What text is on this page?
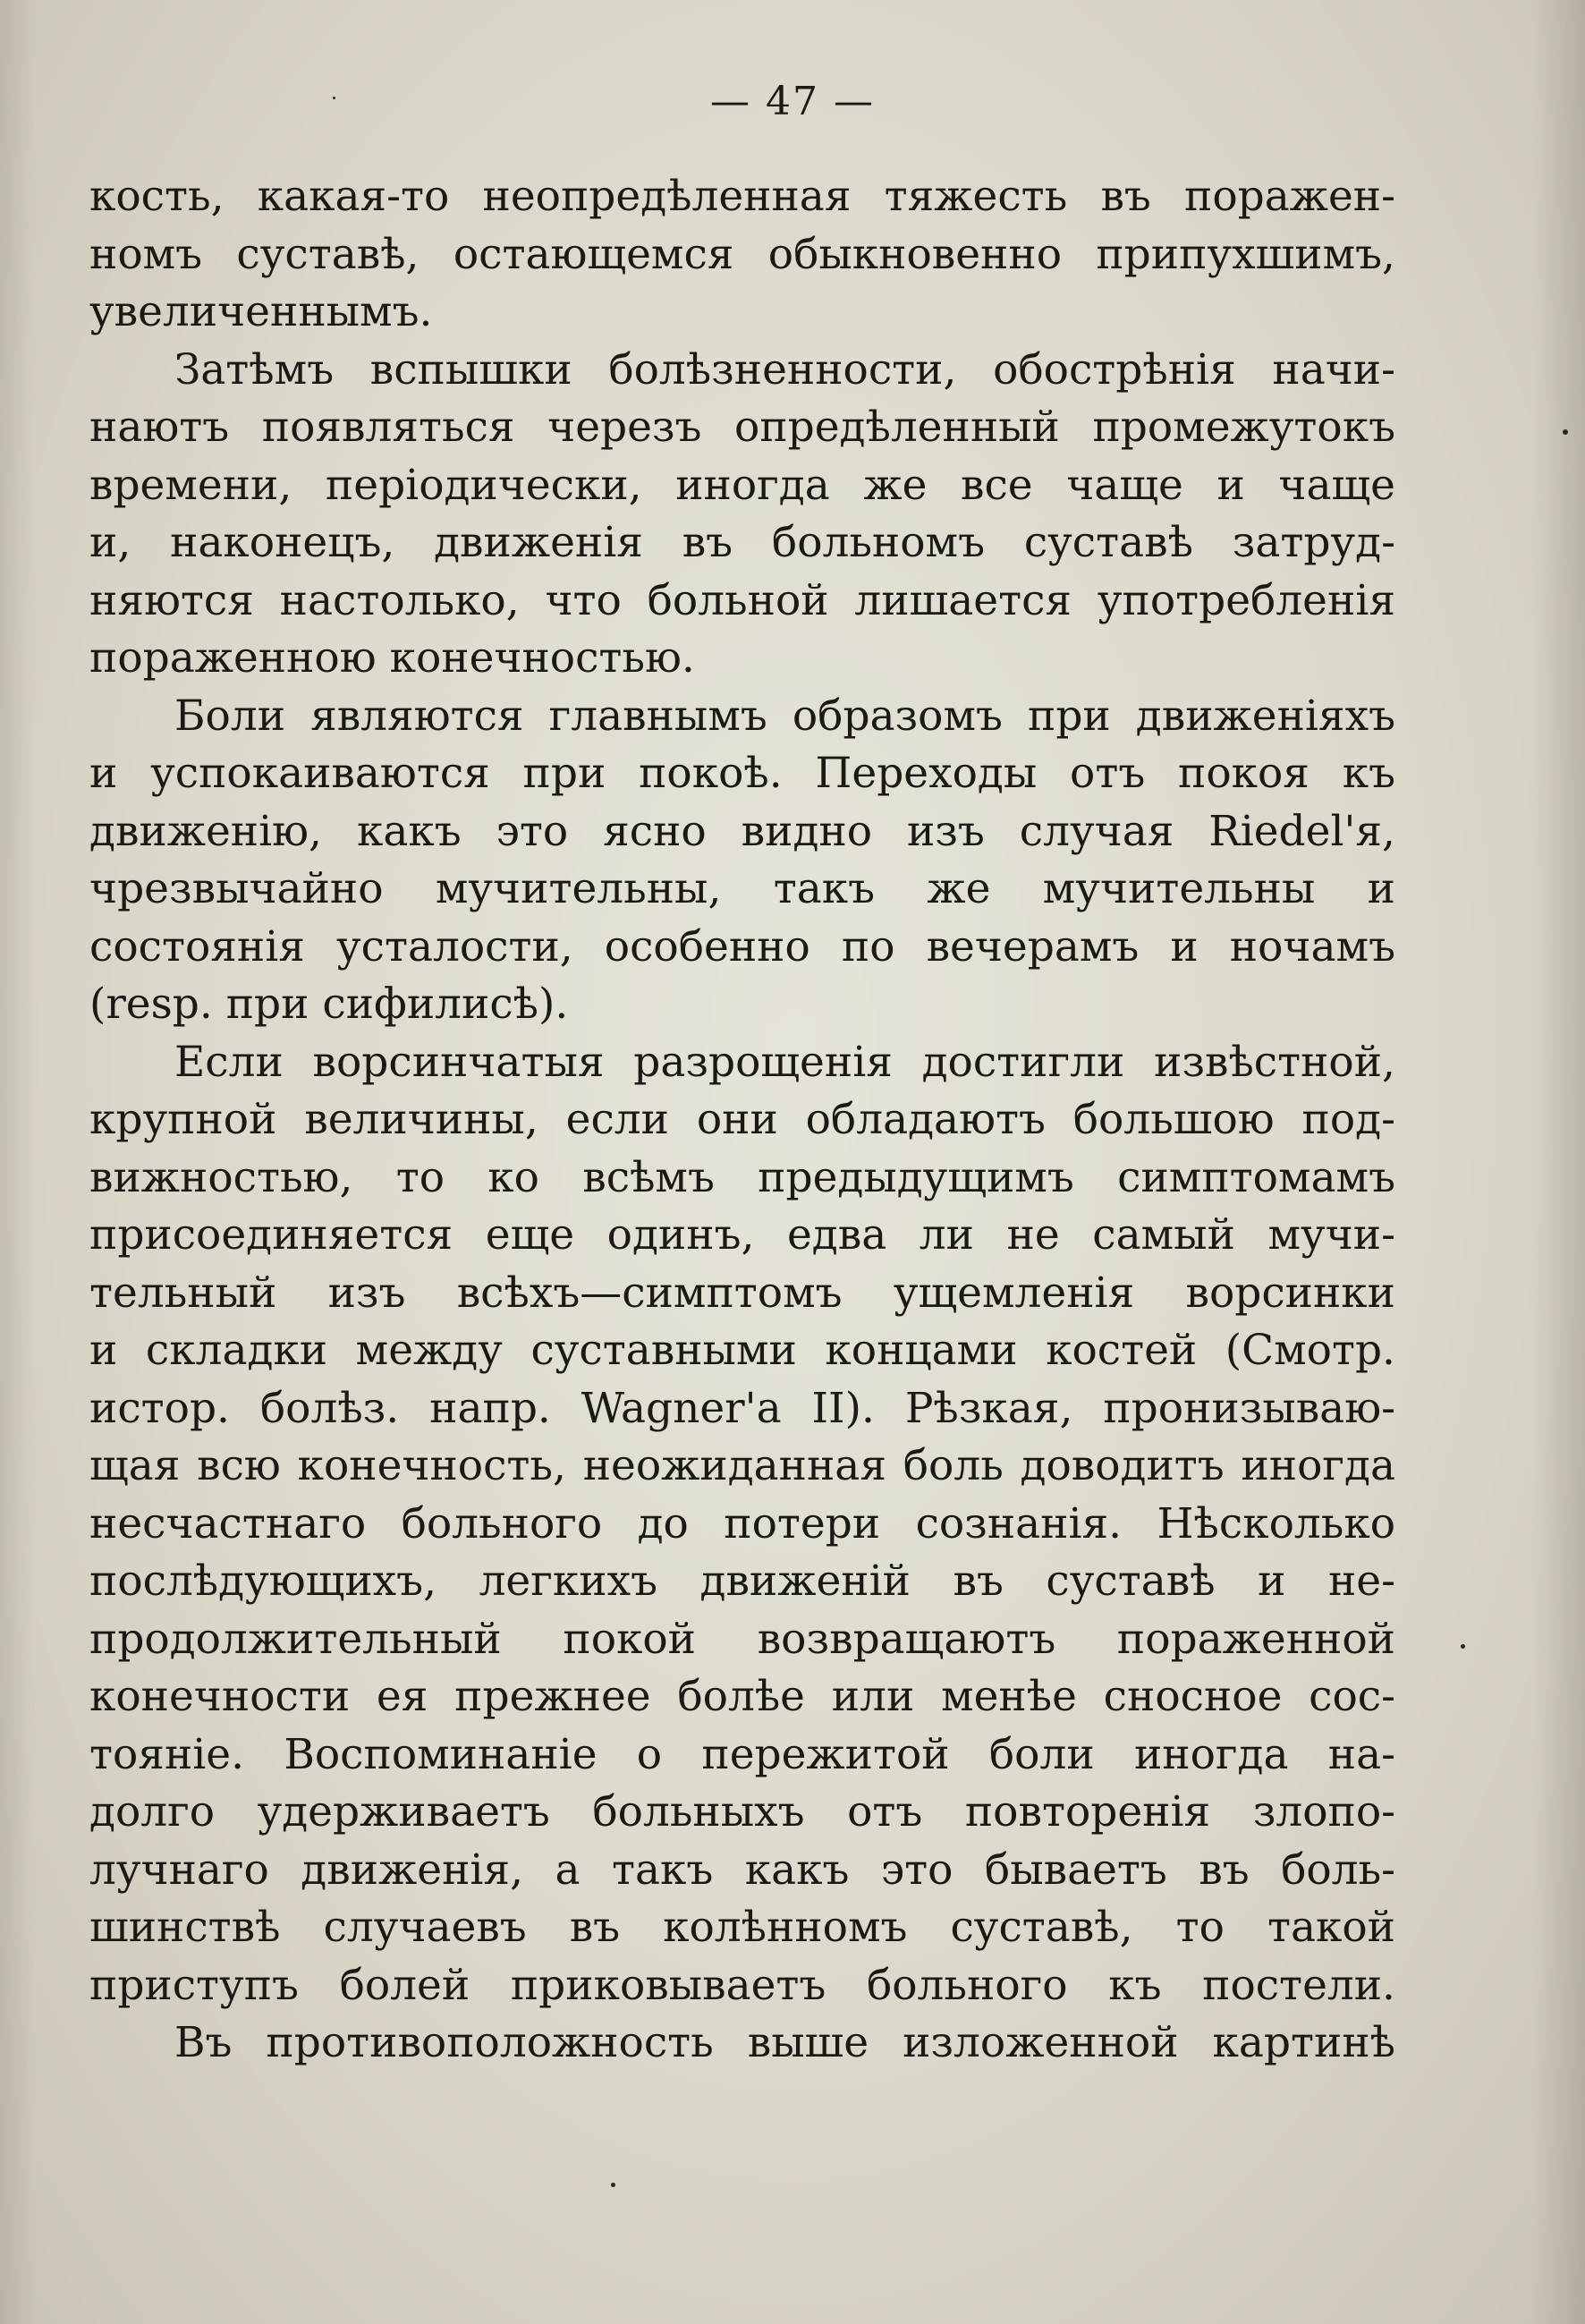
— 47 —

кость, какая-то неопредѣленная тяжесть въ поражен-
номъ суставѣ, остающемся обыкновенно припухшимъ,
увеличеннымъ.

Затѣмъ вспышки болѣзненности, обострѣнія начи-
наютъ появляться черезъ опредѣленный промежутокъ
времени, періодически, иногда же все чаще и чаще
и, наконецъ, движенія въ больномъ суставѣ затруд-
няются настолько, что больной лишается употребленія
пораженною конечностью.

Боли являются главнымъ образомъ при движеніяхъ
и успокаиваются при покоѣ. Переходы отъ покоя къ
движенію, какъ это ясно видно изъ случая Riedel'я,
чрезвычайно мучительны, такъ же мучительны и
состоянія усталости, особенно по вечерамъ и ночамъ
(resp. при сифилисѣ).

Если ворсинчатыя разрощенія достигли извѣстной,
крупной величины, если они обладаютъ большою под-
вижностью, то ко всѣмъ предыдущимъ симптомамъ
присоединяется еще одинъ, едва ли не самый мучи-
тельный изъ всѣхъ—симптомъ ущемленія ворсинки
и складки между суставными концами костей (Смотр.
истор. болѣз. напр. Wagner'а II). Рѣзкая, пронизываю-
щая всю конечность, неожиданная боль доводитъ иногда
несчастнаго больного до потери сознанія. Нѣсколько
послѣдующихъ, легкихъ движеній въ суставѣ и не-
продолжительный покой возвращаютъ пораженной
конечности ея прежнее болѣе или менѣе сносное сос-
тояніе. Воспоминаніе о пережитой боли иногда на-
долго удерживаетъ больныхъ отъ повторенія злопо-
лучнаго движенія, а такъ какъ это бываетъ въ боль-
шинствѣ случаевъ въ колѣнномъ суставѣ, то такой
приступъ болей приковываетъ больного къ постели.

Въ противоположность выше изложенной картинѣ
